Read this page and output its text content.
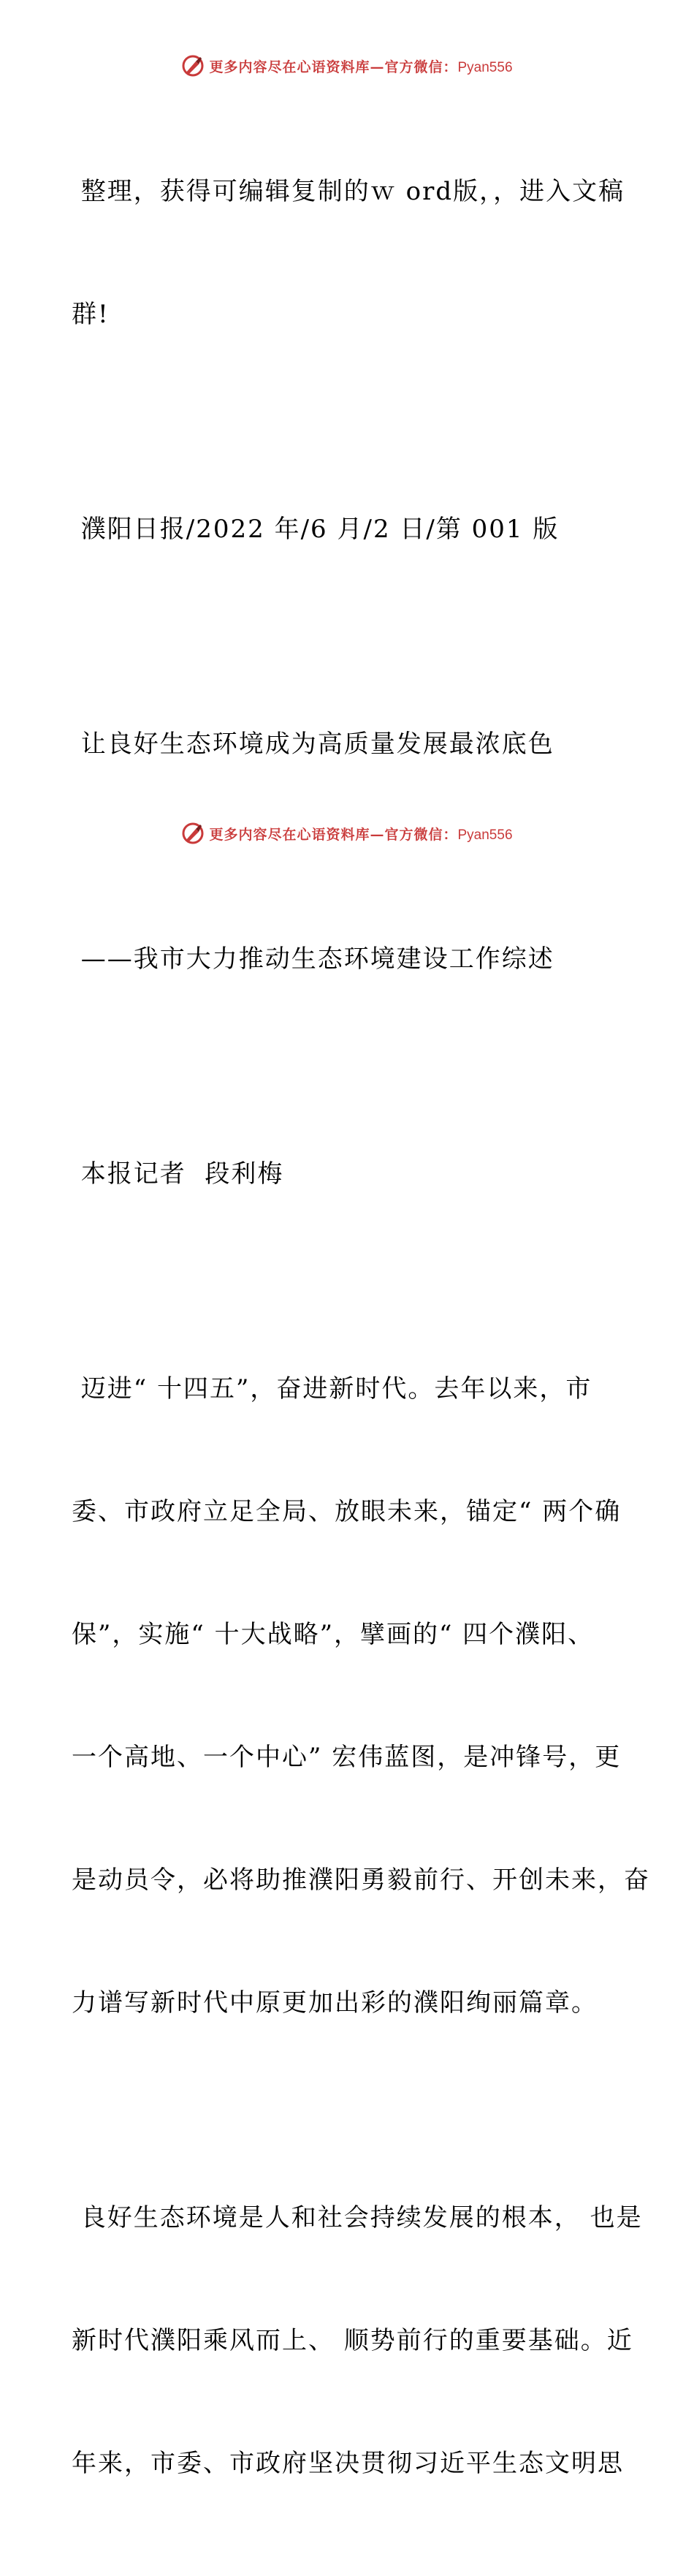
更多内容尽在心语资料库—官方微信：Pyan556

整理，获得可编辑复制的ｗ ord版，，进入文稿

群!

濮阳日报/2022 年/6 月/2 日/第 001 版

让良好生态环境成为高质量发展最浓底色

——我市大力推动生态环境建设工作综述

本报记者  段利梅

迈进“ 十四五”，奋进新时代。去年以来，市

委、市政府立足全局、放眼未来，锚定“ 两个确

保”，实施“ 十大战略”，擘画的“ 四个濮阳、

一个高地、一个中心” 宏伟蓝图，是冲锋号，更

是动员令，必将助推濮阳勇毅前行、开创未来，奋

力谱写新时代中原更加出彩的濮阳绚丽篇章。

良好生态环境是人和社会持续发展的根本， 也是

新时代濮阳乘风而上、 顺势前行的重要基础。近

年来，市委、市政府坚决贯彻习近平生态文明思

更多内容尽在心语资料库—官方微信：Pyan556
